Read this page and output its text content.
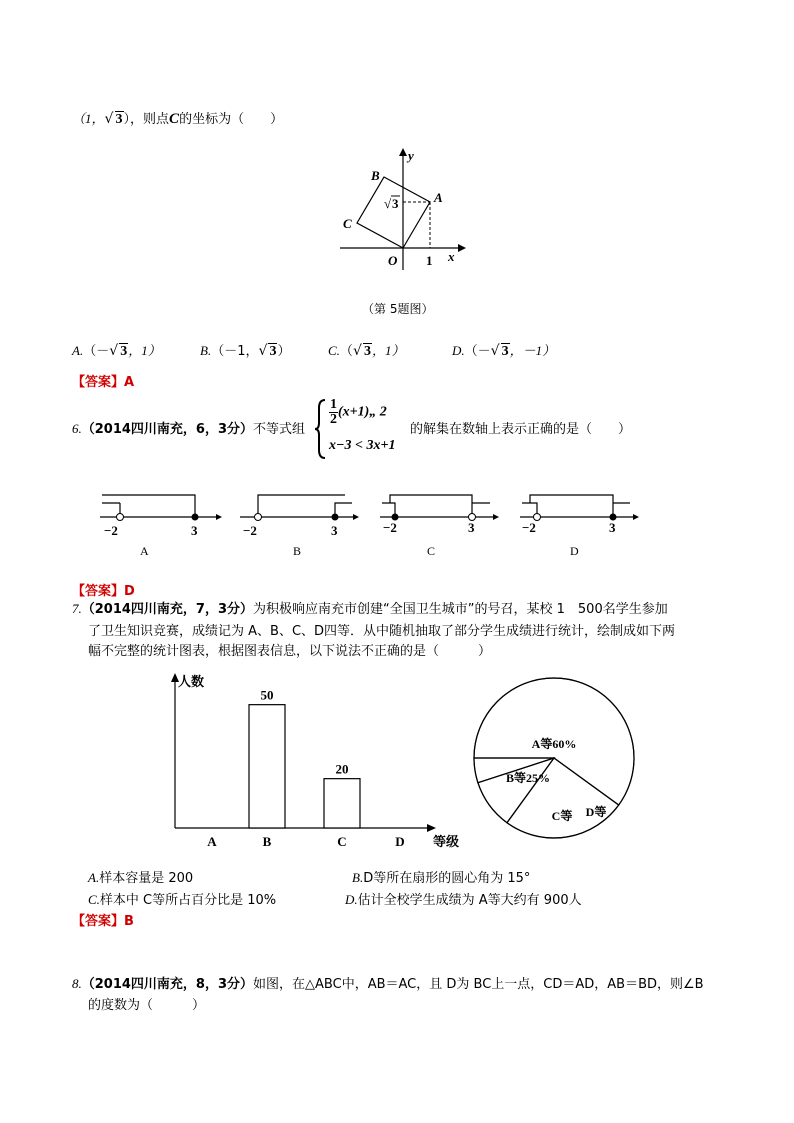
（1， √ 3），则点C的坐标为（　　）
y
x
O 1
A
B
C
√ 3
（第 5题图）
A.（－ √ 3，1）	B.（－1， √ 3）	C.（ √ 3，1）	D.（－ √ 3，－1）
【答案】A
6.（2014四川南充，6，3分）不等式组
$\frac{1}{2}$ (x+1)„ 2
x−3 < 3x+1
的解集在数轴上表示正确的是（　　）
−2	3
A
−2	3
B
−2	3
C
−2	3
D
【答案】D
7.（2014四川南充，7，3分）为积极响应南充市创建“全国卫生城市”的号召，某校 1　500名学生参加
了卫生知识竞赛，成绩记为 A、B、C、D四等．从中随机抽取了部分学生成绩进行统计，绘制成如下两
幅不完整的统计图表，根据图表信息，以下说法不正确的是（　　　）
人数
等级
A
50
B
20
C	D
A等60%
B等25%
C等 D等
A.样本容量是 200	B.D等所在扇形的圆心角为 15°
C.样本中 C等所占百分比是 10%	D.估计全校学生成绩为 A等大约有 900人
【答案】B
8.（2014四川南充，8，3分）如图，在△ABC中，AB＝AC，且 D为 BC上一点，CD＝AD，AB＝BD，则∠B
的度数为（　　　）
